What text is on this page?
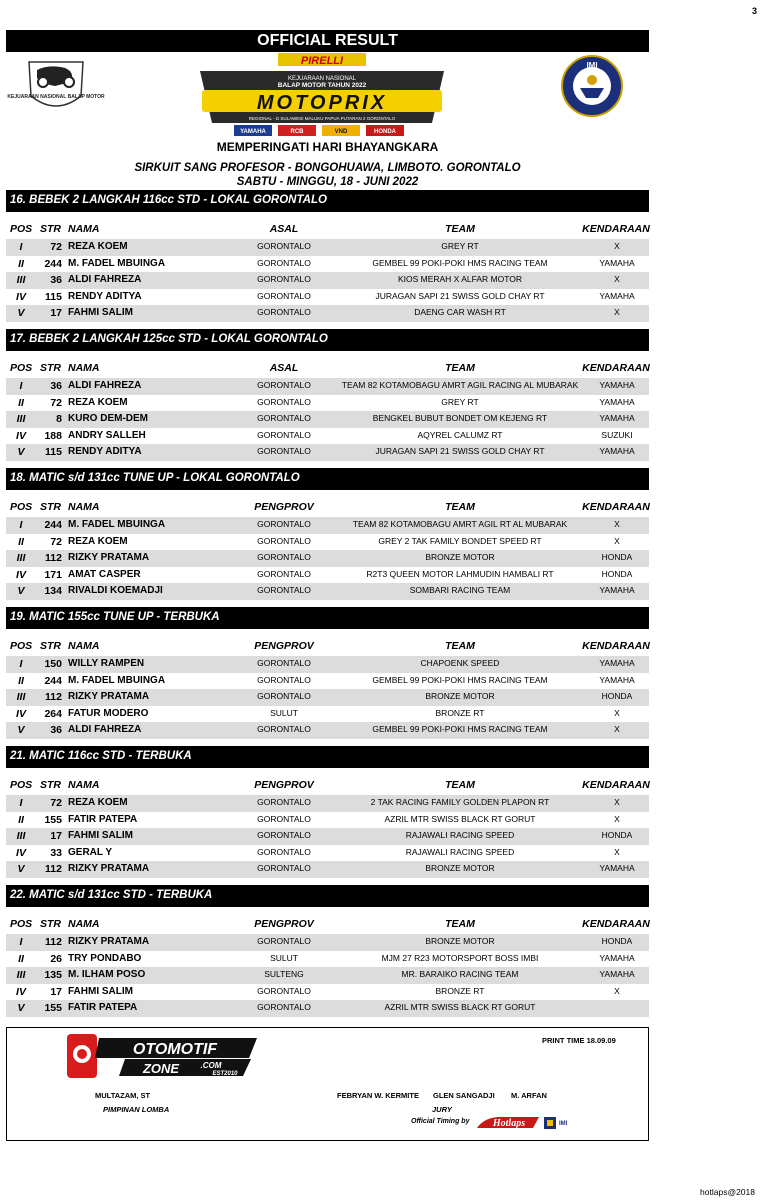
3
OFFICIAL RESULT
KEJUARAAN NASIONAL BALAP MOTOR
PIRELLI
KEJUARAAN NASIONAL
BALAP MOTOR TAHUN 2022
MOTOPRIX
REGIONAL - D SULAWESI MALUKU PAPUA PUTARAN 2 GORONTALO
YAMAHA	RCB	VND	HONDA
IMI
MEMPERINGATI HARI BHAYANGKARA
SIRKUIT SANG PROFESOR - BONGOHUAWA, LIMBOTO. GORONTALO
SABTU - MINGGU, 18 - JUNI 2022
16. BEBEK 2 LANGKAH 116cc STD - LOKAL GORONTALO
POS STR NAMA	ASAL	TEAM	KENDARAAN
I	72 REZA KOEM	GORONTALO	GREY RT	X
II	244 M. FADEL MBUINGA	GORONTALO	GEMBEL 99 POKI-POKI HMS RACING TEAM	YAMAHA
III	36 ALDI FAHREZA	GORONTALO	KIOS MERAH X ALFAR MOTOR	X
IV	115 RENDY ADITYA	GORONTALO	JURAGAN SAPI 21 SWISS GOLD CHAY RT	YAMAHA
V	17 FAHMI SALIM	GORONTALO	DAENG CAR WASH RT	X
17. BEBEK 2 LANGKAH 125cc STD - LOKAL GORONTALO
POS STR NAMA	ASAL	TEAM	KENDARAAN
I	36 ALDI FAHREZA	GORONTALO	TEAM 82 KOTAMOBAGU AMRT AGIL RACING AL MUBARAK	YAMAHA
II	72 REZA KOEM	GORONTALO	GREY RT	YAMAHA
III	8 KURO DEM-DEM	GORONTALO	BENGKEL BUBUT BONDET OM KEJENG RT	YAMAHA
IV	188 ANDRY SALLEH	GORONTALO	AQYREL CALUMZ RT	SUZUKI
V	115 RENDY ADITYA	GORONTALO	JURAGAN SAPI 21 SWISS GOLD CHAY RT	YAMAHA
18. MATIC s/d 131cc TUNE UP - LOKAL GORONTALO
POS STR NAMA	PENGPROV	TEAM	KENDARAAN
I	244 M. FADEL MBUINGA	GORONTALO	TEAM 82 KOTAMOBAGU AMRT AGIL RT AL MUBARAK	X
II	72 REZA KOEM	GORONTALO	GREY 2 TAK FAMILY BONDET SPEED RT	X
III	112 RIZKY PRATAMA	GORONTALO	BRONZE MOTOR	HONDA
IV	171 AMAT CASPER	GORONTALO	R2T3 QUEEN MOTOR LAHMUDIN HAMBALI RT	HONDA
V	134 RIVALDI KOEMADJI	GORONTALO	SOMBARI RACING TEAM	YAMAHA
19. MATIC 155cc TUNE UP - TERBUKA
POS STR NAMA	PENGPROV	TEAM	KENDARAAN
I	150 WILLY RAMPEN	GORONTALO	CHAPOENK SPEED	YAMAHA
II	244 M. FADEL MBUINGA	GORONTALO	GEMBEL 99 POKI-POKI HMS RACING TEAM	YAMAHA
III	112 RIZKY PRATAMA	GORONTALO	BRONZE MOTOR	HONDA
IV	264 FATUR MODERO	SULUT	BRONZE RT	X
V	36 ALDI FAHREZA	GORONTALO	GEMBEL 99 POKI-POKI HMS RACING TEAM	X
21. MATIC 116cc STD - TERBUKA
POS STR NAMA	PENGPROV	TEAM	KENDARAAN
I	72 REZA KOEM	GORONTALO	2 TAK RACING FAMILY GOLDEN PLAPON RT	X
II	155 FATIR PATEPA	GORONTALO	AZRIL MTR SWISS BLACK RT GORUT	X
III	17 FAHMI SALIM	GORONTALO	RAJAWALI RACING SPEED	HONDA
IV	33 GERAL Y	GORONTALO	RAJAWALI RACING SPEED	X
V	112 RIZKY PRATAMA	GORONTALO	BRONZE MOTOR	YAMAHA
22. MATIC s/d 131cc STD - TERBUKA
POS STR NAMA	PENGPROV	TEAM	KENDARAAN
I	112 RIZKY PRATAMA	GORONTALO	BRONZE MOTOR	HONDA
II	26 TRY PONDABO	SULUT	MJM 27 R23 MOTORSPORT BOSS IMBI	YAMAHA
III	135 M. ILHAM POSO	SULTENG	MR. BARAIKO RACING TEAM	YAMAHA
IV	17 FAHMI SALIM	GORONTALO	BRONZE RT	X
V	155 FATIR PATEPA	GORONTALO	AZRIL MTR SWISS BLACK RT GORUT
OTOMOTIF
ZONE	.COM
EST2010
PRINT TIME 18.09.09
MULTAZAM, ST
PIMPINAN LOMBA
FEBRYAN W. KERMITE GLEN SANGADJI M. ARFAN
JURY
Official Timing by Hotlaps	IMI
hotlaps@2018
